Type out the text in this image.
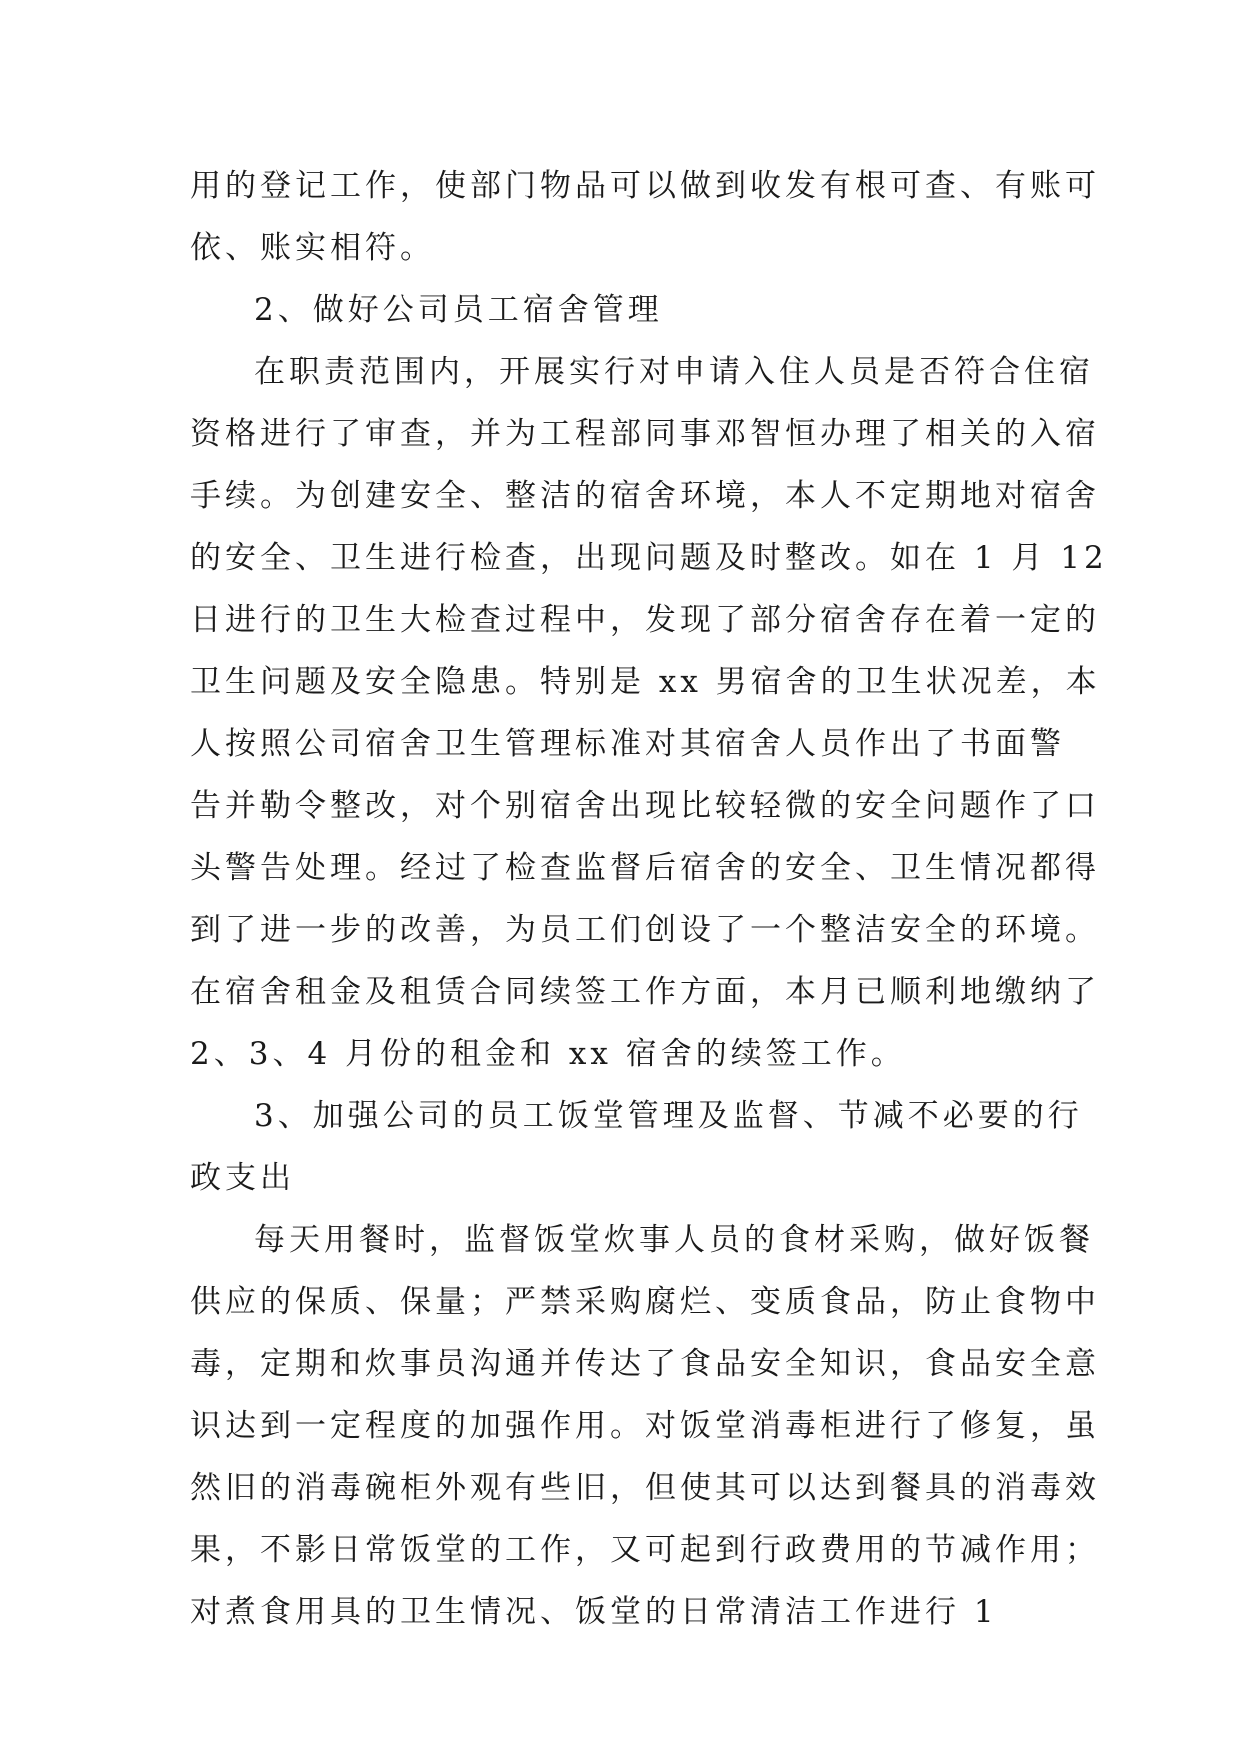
用的登记工作，使部门物品可以做到收发有根可查、有账可
依、账实相符。
2、做好公司员工宿舍管理
在职责范围内，开展实行对申请入住人员是否符合住宿
资格进行了审查，并为工程部同事邓智恒办理了相关的入宿
手续。为创建安全、整洁的宿舍环境，本人不定期地对宿舍
的安全、卫生进行检查，出现问题及时整改。如在 1 月 12
日进行的卫生大检查过程中，发现了部分宿舍存在着一定的
卫生问题及安全隐患。特别是 xx 男宿舍的卫生状况差，本
人按照公司宿舍卫生管理标准对其宿舍人员作出了书面警
告并勒令整改，对个别宿舍出现比较轻微的安全问题作了口
头警告处理。经过了检查监督后宿舍的安全、卫生情况都得
到了进一步的改善，为员工们创设了一个整洁安全的环境。
在宿舍租金及租赁合同续签工作方面，本月已顺利地缴纳了
2、3、4 月份的租金和 xx 宿舍的续签工作。
3、加强公司的员工饭堂管理及监督、节减不必要的行
政支出
每天用餐时，监督饭堂炊事人员的食材采购，做好饭餐
供应的保质、保量；严禁采购腐烂、变质食品，防止食物中
毒，定期和炊事员沟通并传达了食品安全知识，食品安全意
识达到一定程度的加强作用。对饭堂消毒柜进行了修复，虽
然旧的消毒碗柜外观有些旧，但使其可以达到餐具的消毒效
果，不影日常饭堂的工作，又可起到行政费用的节减作用；
对煮食用具的卫生情况、饭堂的日常清洁工作进行 1
